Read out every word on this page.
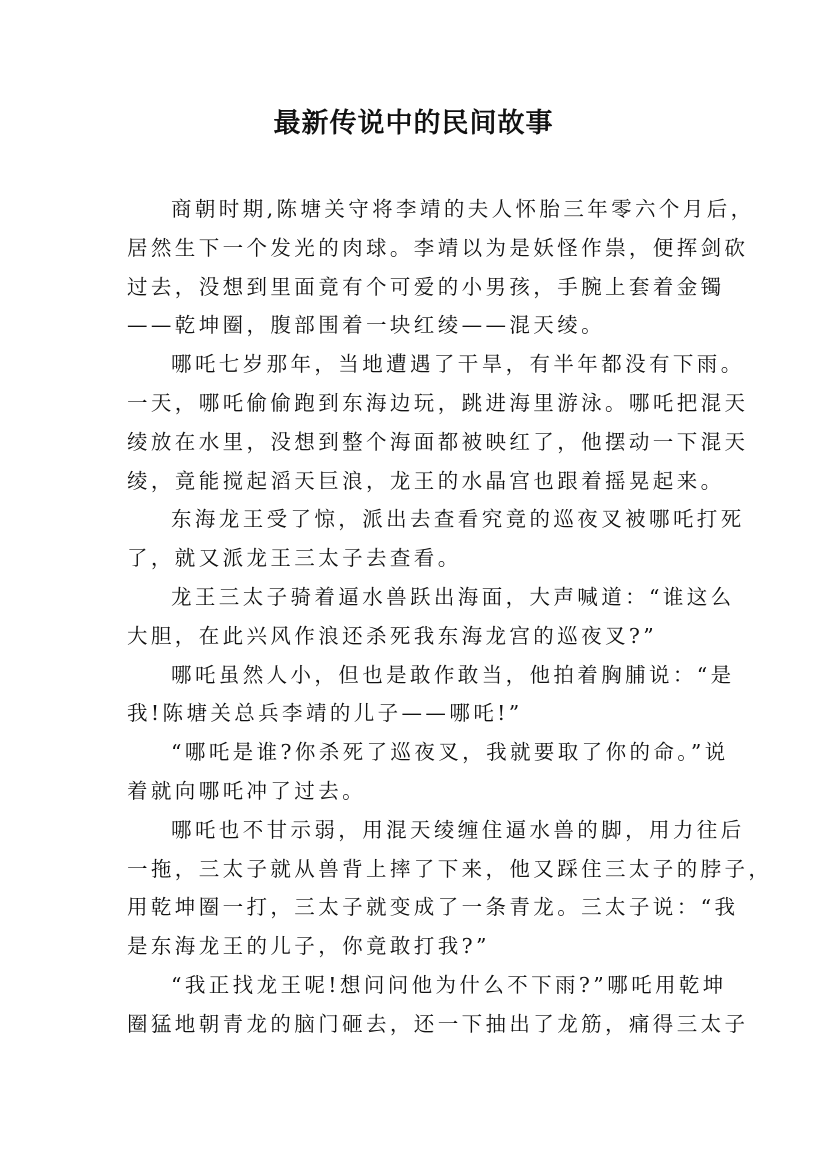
最新传说中的民间故事

商朝时期,陈塘关守将李靖的夫人怀胎三年零六个月后，
居然生下一个发光的肉球。李靖以为是妖怪作祟，便挥剑砍
过去，没想到里面竟有个可爱的小男孩，手腕上套着金镯
——乾坤圈，腹部围着一块红绫——混天绫。

哪吒七岁那年，当地遭遇了干旱，有半年都没有下雨。
一天，哪吒偷偷跑到东海边玩，跳进海里游泳。哪吒把混天
绫放在水里，没想到整个海面都被映红了，他摆动一下混天
绫，竟能搅起滔天巨浪，龙王的水晶宫也跟着摇晃起来。

东海龙王受了惊，派出去查看究竟的巡夜叉被哪吒打死
了，就又派龙王三太子去查看。

龙王三太子骑着逼水兽跃出海面，大声喊道：“谁这么
大胆，在此兴风作浪还杀死我东海龙宫的巡夜叉?”

哪吒虽然人小，但也是敢作敢当，他拍着胸脯说：“是
我!陈塘关总兵李靖的儿子——哪吒!”

“哪吒是谁?你杀死了巡夜叉，我就要取了你的命。”说
着就向哪吒冲了过去。

哪吒也不甘示弱，用混天绫缠住逼水兽的脚，用力往后
一拖，三太子就从兽背上摔了下来，他又踩住三太子的脖子，
用乾坤圈一打，三太子就变成了一条青龙。三太子说：“我
是东海龙王的儿子，你竟敢打我?”

“我正找龙王呢!想问问他为什么不下雨?”哪吒用乾坤
圈猛地朝青龙的脑门砸去，还一下抽出了龙筋，痛得三太子
